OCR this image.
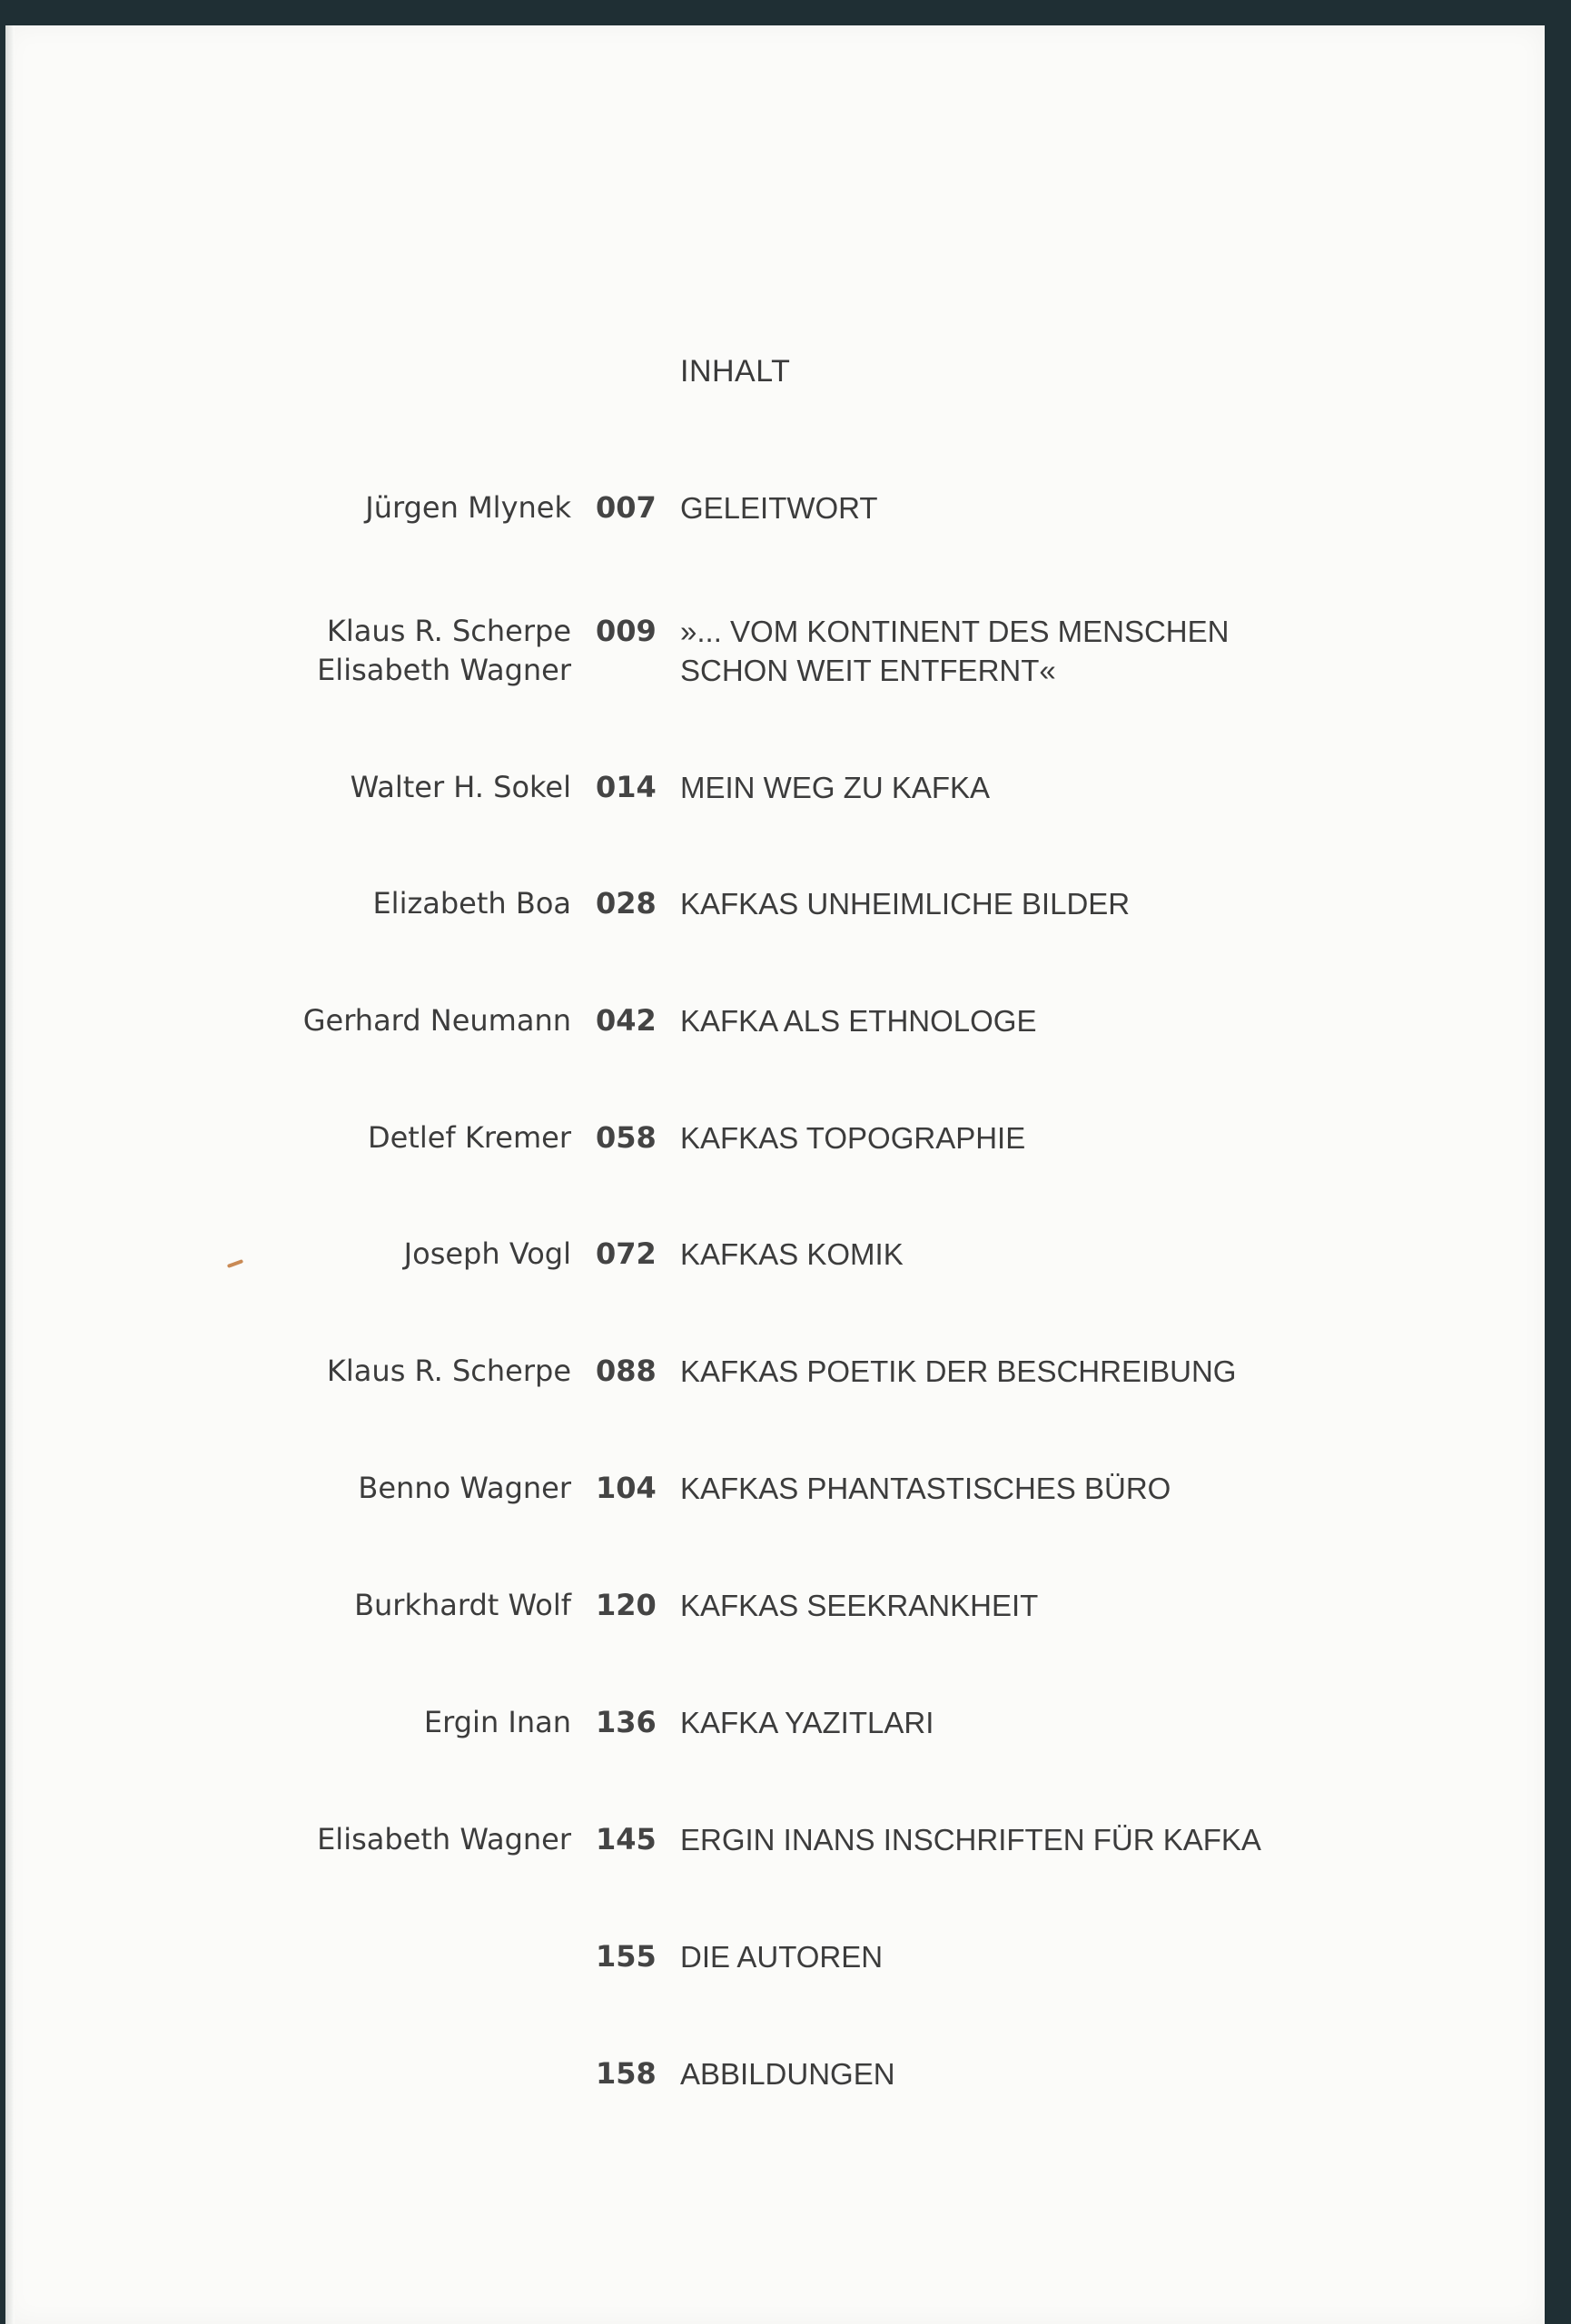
INHALT
Jürgen Mlynek 007 GELEITWORT
Klaus R. Scherpe
Elisabeth Wagner
009 »... VOM KONTINENT DES MENSCHEN
SCHON WEIT ENTFERNT«
Walter H. Sokel 014 MEIN WEG ZU KAFKA
Elizabeth Boa 028 KAFKAS UNHEIMLICHE BILDER
Gerhard Neumann 042 KAFKA ALS ETHNOLOGE
Detlef Kremer 058 KAFKAS TOPOGRAPHIE
Joseph Vogl 072 KAFKAS KOMIK
Klaus R. Scherpe 088 KAFKAS POETIK DER BESCHREIBUNG
Benno Wagner 104 KAFKAS PHANTASTISCHES BÜRO
Burkhardt Wolf 120 KAFKAS SEEKRANKHEIT
Ergin Inan 136 KAFKA YAZITLARI
Elisabeth Wagner 145 ERGIN INANS INSCHRIFTEN FÜR KAFKA
155 DIE AUTOREN
158 ABBILDUNGEN
